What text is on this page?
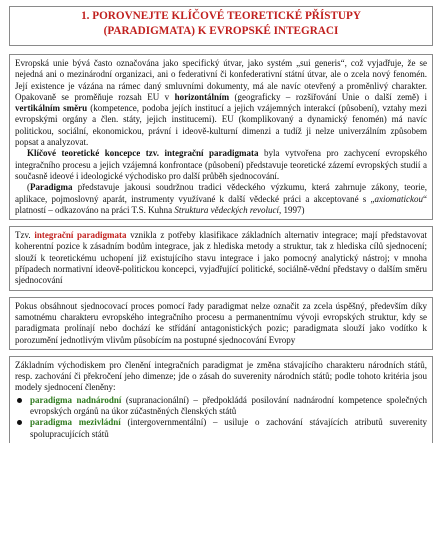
1. POROVNEJTE KLÍČOVÉ TEORETICKÉ PŘÍSTUPY
(PARADIGMATA) K EVROPSKÉ INTEGRACI

Evropská unie bývá často označována jako specifický útvar, jako systém „sui generis“, což vyjadřuje, že se nejedná ani o mezinárodní organizaci, ani o federativní či konfederativní státní útvar, ale o zcela nový fenomén. Její existence je vázána na rámec daný smluvními dokumenty, má ale navíc otevřený a proměnlivý charakter. Opakovaně se proměňuje rozsah EU v horizontálním (geograficky – rozšiřování Unie o další země) i vertikálním směru (kompetence, podoba jejích institucí a jejich vzájemných interakcí (působení), vztahy mezi evropskými orgány a člen. státy, jejich institucemi). EU (komplikovaný a dynamický fenomén) má navíc politickou, sociální, ekonomickou, právní i ideově-kulturní dimenzi a tudíž ji nelze univerzálním způsobem popsat a analyzovat.

Klíčové teoretické koncepce tzv. integrační paradigmata byla vytvořena pro zachycení evropského integračního procesu a jejich vzájemná konfrontace (působení) představuje teoretické zázemí evropských studií a současně ideové i ideologické východisko pro další průběh sjednocování.

(Paradigma představuje jakousi soudržnou tradici vědeckého výzkumu, která zahrnuje zákony, teorie, aplikace, pojmoslovný aparát, instrumenty využívané k další vědecké práci a akceptované s „axiomatickou“ platností – odkazováno na práci T.S. Kuhna Struktura vědeckých revolucí, 1997)

Tzv. integrační paradigmata vznikla z potřeby klasifikace základních alternativ integrace; mají představovat koherentní pozice k zásadním bodům integrace, jak z hlediska metody a struktur, tak z hlediska cílů sjednocení; slouží k teoretickému uchopení již existujícího stavu integrace i jako pomocný analytický nástroj; v mnoha případech normativní ideově-politickou koncepci, vyjadřující politické, sociálně-vědní představy o dalším směru sjednocování

Pokus obsáhnout sjednocovací proces pomocí řady paradigmat nelze označit za zcela úspěšný, především díky samotnému charakteru evropského integračního procesu a permanentnímu vývoji evropských struktur, kdy se paradigmata prolínají nebo dochází ke střídání antagonistických pozic; paradigmata slouží jako vodítko k porozumění jednotlivým vlivům působícím na postupné sjednocování Evropy

Základním východiskem pro členění integračních paradigmat je změna stávajícího charakteru národních států, resp. zachování či překročení jeho dimenze; jde o zásah do suverenity národních států; podle tohoto kritéria jsou modely sjednocení členěny:

paradigma nadnárodní (supranacionální) – předpokládá posilování nadnárodní kompetence společných evropských orgánů na úkor zúčastněných členských států
paradigma mezivládní (intergovernmentální) – usiluje o zachování stávajících atributů suverenity spolupracujících států
